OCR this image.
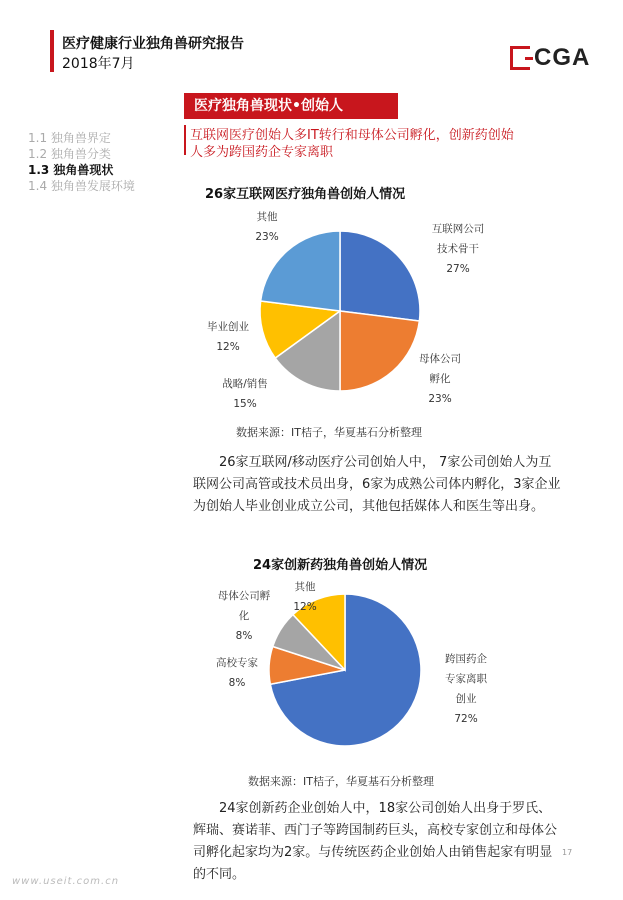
医疗健康行业独角兽研究报告
2018年7月	CGA
医疗独角兽现状•创始人
互联网医疗创始人多IT转行和母体公司孵化，创新药创始人多为跨国药企专家离职
1.1 独角兽界定
1.2 独角兽分类
1.3 独角兽现状
1.4 独角兽发展环境
26家互联网医疗独角兽创始人情况
互联网公司
技术骨干
27%
母体公司
孵化
23%
战略/销售
15%
毕业创业
12%
其他
23%
数据来源：IT桔子，华夏基石分析整理
26家互联网/移动医疗公司创始人中， 7家公司创始人为互联网公司高管或技术员出身，6家为成熟公司体内孵化，3家企业为创始人毕业创业成立公司，其他包括媒体人和医生等出身。
24家创新药独角兽创始人情况
跨国药企
专家离职
创业
72%
高校专家
8%
母体公司孵
化
8%
其他
12%
数据来源：IT桔子，华夏基石分析整理
24家创新药企业创始人中，18家公司创始人出身于罗氏、辉瑞、赛诺菲、西门子等跨国制药巨头，高校专家创立和母体公司孵化起家均为2家。与传统医药企业创始人由销售起家有明显的不同。
17
www.useit.com.cn
